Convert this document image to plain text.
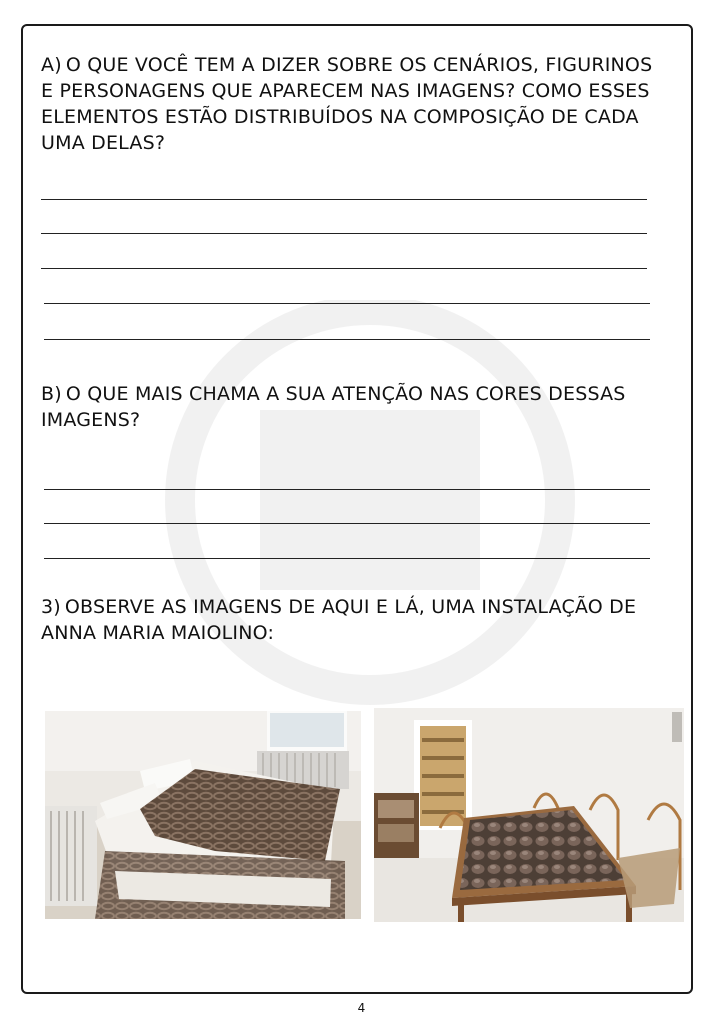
A) O QUE VOCÊ TEM A DIZER SOBRE OS CENÁRIOS, FIGURINOS E PERSONAGENS QUE APARECEM NAS IMAGENS? COMO ESSES ELEMENTOS ESTÃO DISTRIBUÍDOS NA COMPOSIÇÃO DE CADA UMA DELAS?

B) O QUE MAIS CHAMA A SUA ATENÇÃO NAS CORES DESSAS IMAGENS?

3) OBSERVE AS IMAGENS DE AQUI E LÁ, UMA INSTALAÇÃO DE ANNA MARIA MAIOLINO:

4
